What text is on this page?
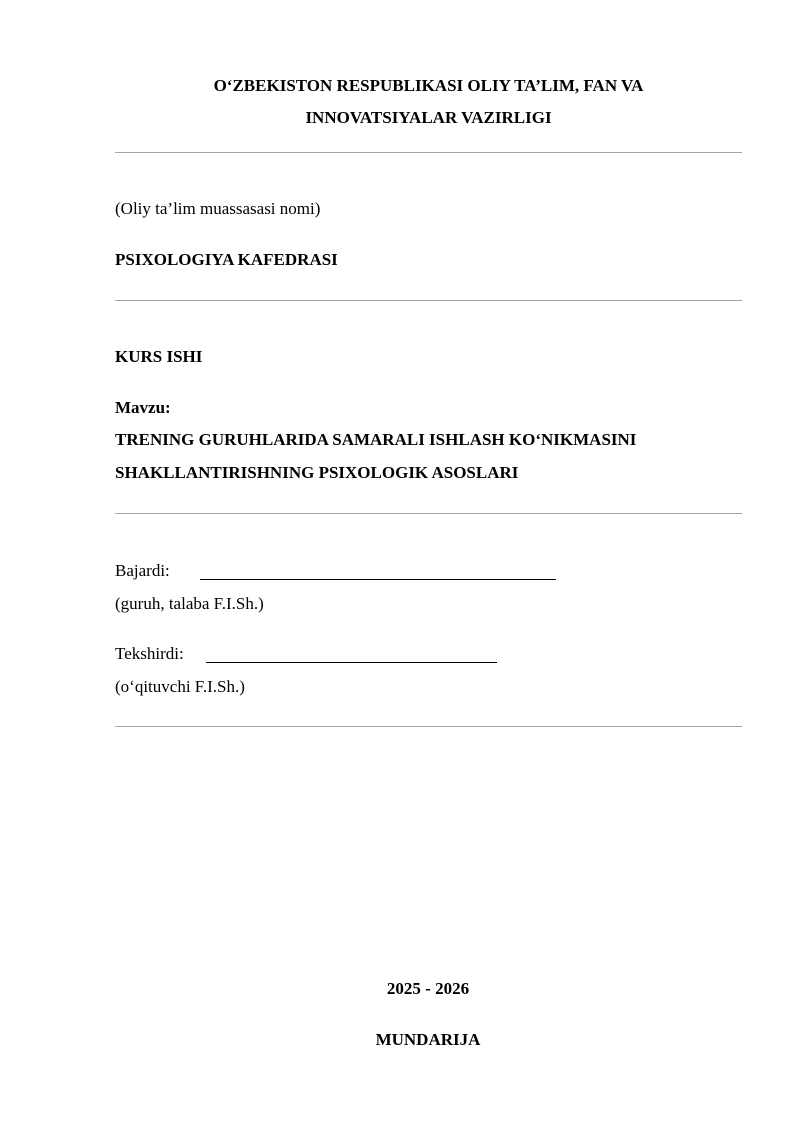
O‘ZBEKISTON RESPUBLIKASI OLIY TA’LIM, FAN VA
INNOVATSIYALAR VAZIRLIGI
(Oliy ta’lim muassasasi nomi)
PSIXOLOGIYA KAFEDRASI
KURS ISHI
Mavzu:
TRENING GURUHLARIDA SAMARALI ISHLASH KO‘NIKMASINI
SHAKLLANTIRISHNING PSIXOLOGIK ASOSLARI
Bajardi:
(guruh, talaba F.I.Sh.)
Tekshirdi:
(o‘qituvchi F.I.Sh.)
2025 - 2026
MUNDARIJA
